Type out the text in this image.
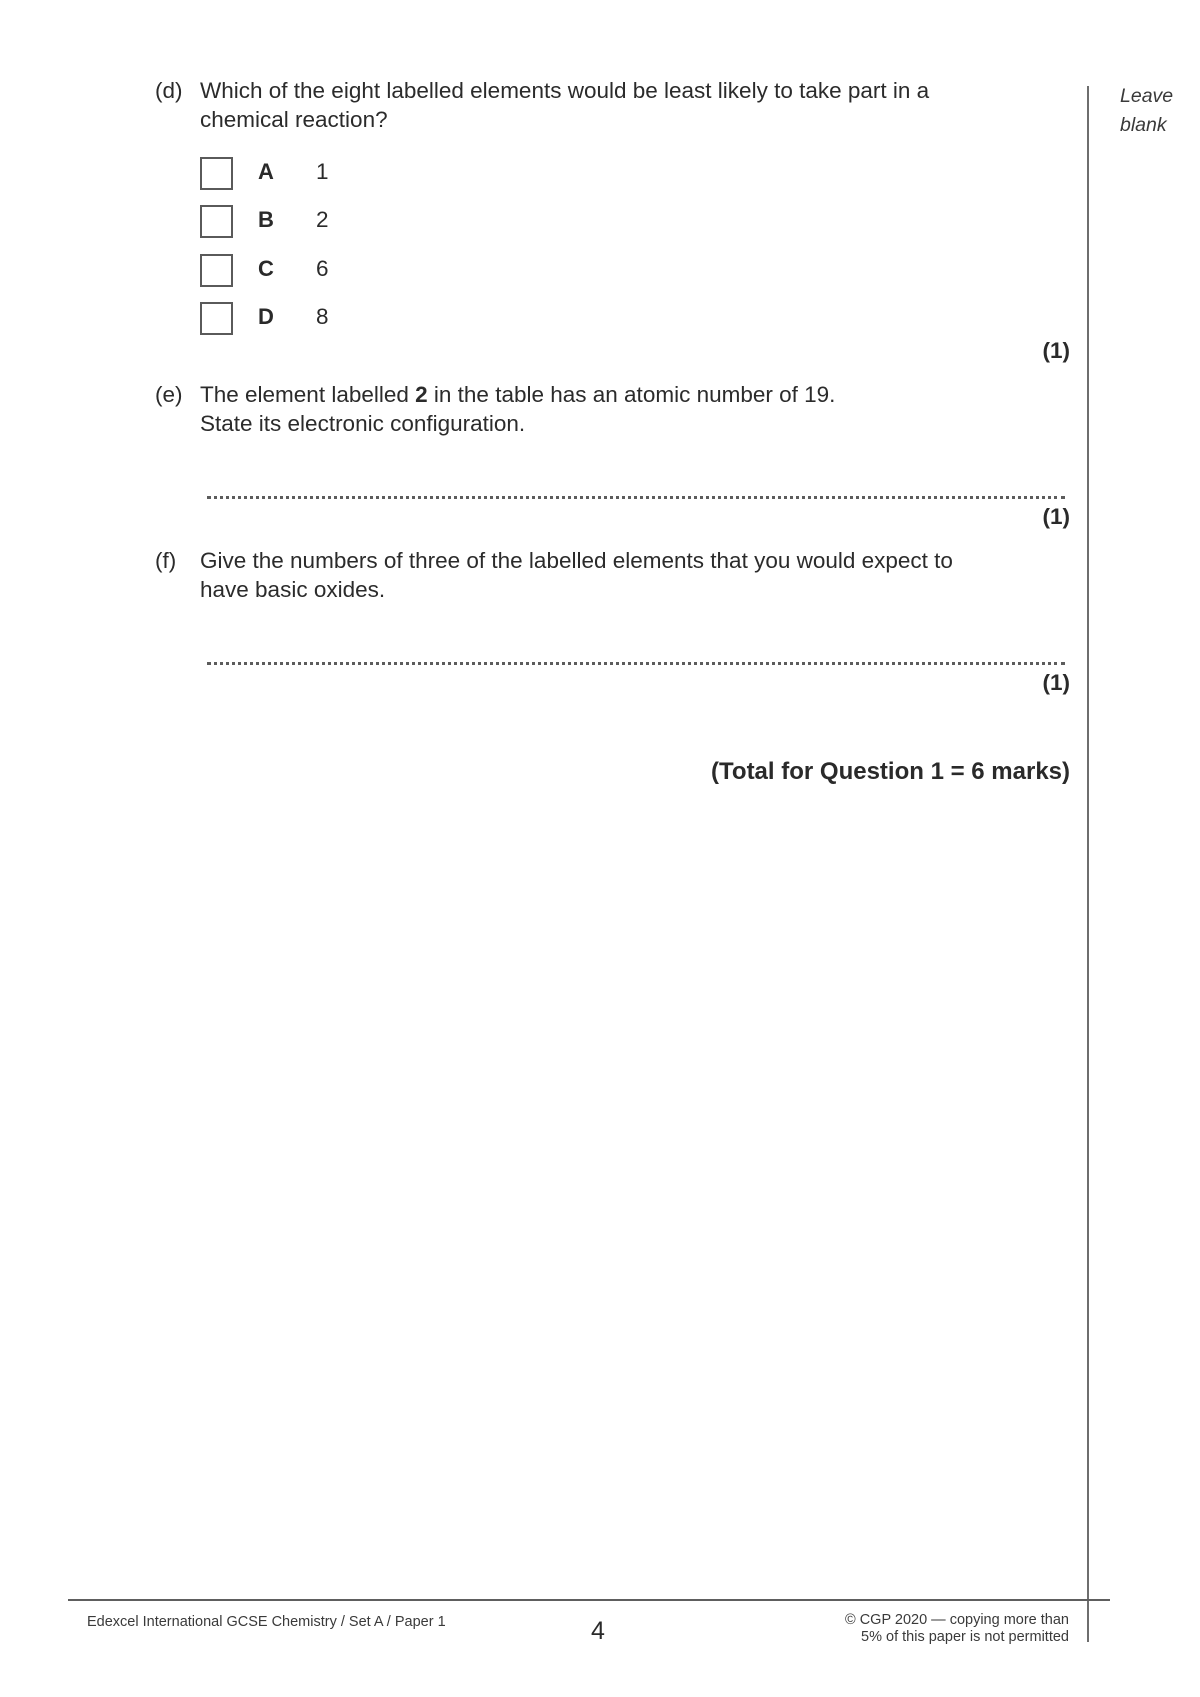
Leave
blank
(d) Which of the eight labelled elements would be least likely to take part in a
chemical reaction?
A 1
B 2
C 6
D 8
(1)
(e) The element labelled 2 in the table has an atomic number of 19.
State its electronic configuration.
(1)
(f) Give the numbers of three of the labelled elements that you would expect to
have basic oxides.
(1)
(Total for Question 1 = 6 marks)
Edexcel International GCSE Chemistry / Set A / Paper 1	4	© CGP 2020 — copying more than
5% of this paper is not permitted
